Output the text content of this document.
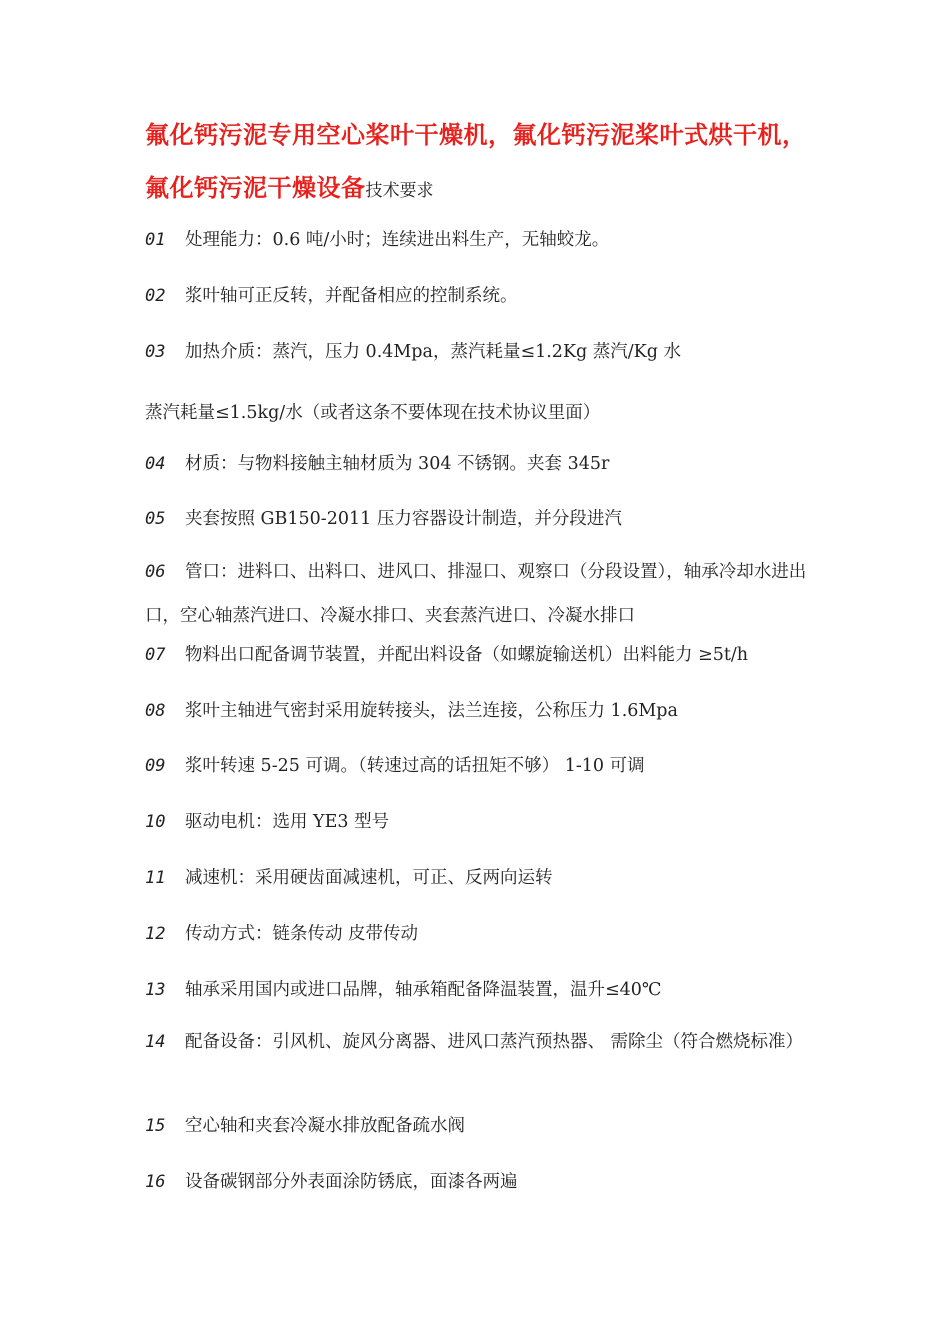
氟化钙污泥专用空心桨叶干燥机，氟化钙污泥桨叶式烘干机，氟化钙污泥干燥设备技术要求
01 处理能力：0.6 吨/小时；连续进出料生产，无轴蛟龙。
02 浆叶轴可正反转，并配备相应的控制系统。
03 加热介质：蒸汽，压力 0.4Mpa，蒸汽耗量≤1.2Kg 蒸汽/Kg 水
蒸汽耗量≤1.5kg/水（或者这条不要体现在技术协议里面）
04 材质：与物料接触主轴材质为 304 不锈钢。夹套 345r
05 夹套按照 GB150-2011 压力容器设计制造，并分段进汽
06 管口：进料口、出料口、进风口、排湿口、观察口（分段设置），轴承冷却水进出口，空心轴蒸汽进口、冷凝水排口、夹套蒸汽进口、冷凝水排口
07 物料出口配备调节装置，并配出料设备（如螺旋输送机）出料能力 ≥5t/h
08 浆叶主轴进气密封采用旋转接头，法兰连接，公称压力 1.6Mpa
09 浆叶转速 5-25 可调。（转速过高的话扭矩不够） 1-10 可调
10 驱动电机：选用 YE3 型号
11 减速机：采用硬齿面减速机，可正、反两向运转
12 传动方式：链条传动 皮带传动
13 轴承采用国内或进口品牌，轴承箱配备降温装置，温升≤40℃
14 配备设备：引风机、旋风分离器、进风口蒸汽预热器、 需除尘（符合燃烧标准）
15 空心轴和夹套冷凝水排放配备疏水阀
16 设备碳钢部分外表面涂防锈底，面漆各两遍
